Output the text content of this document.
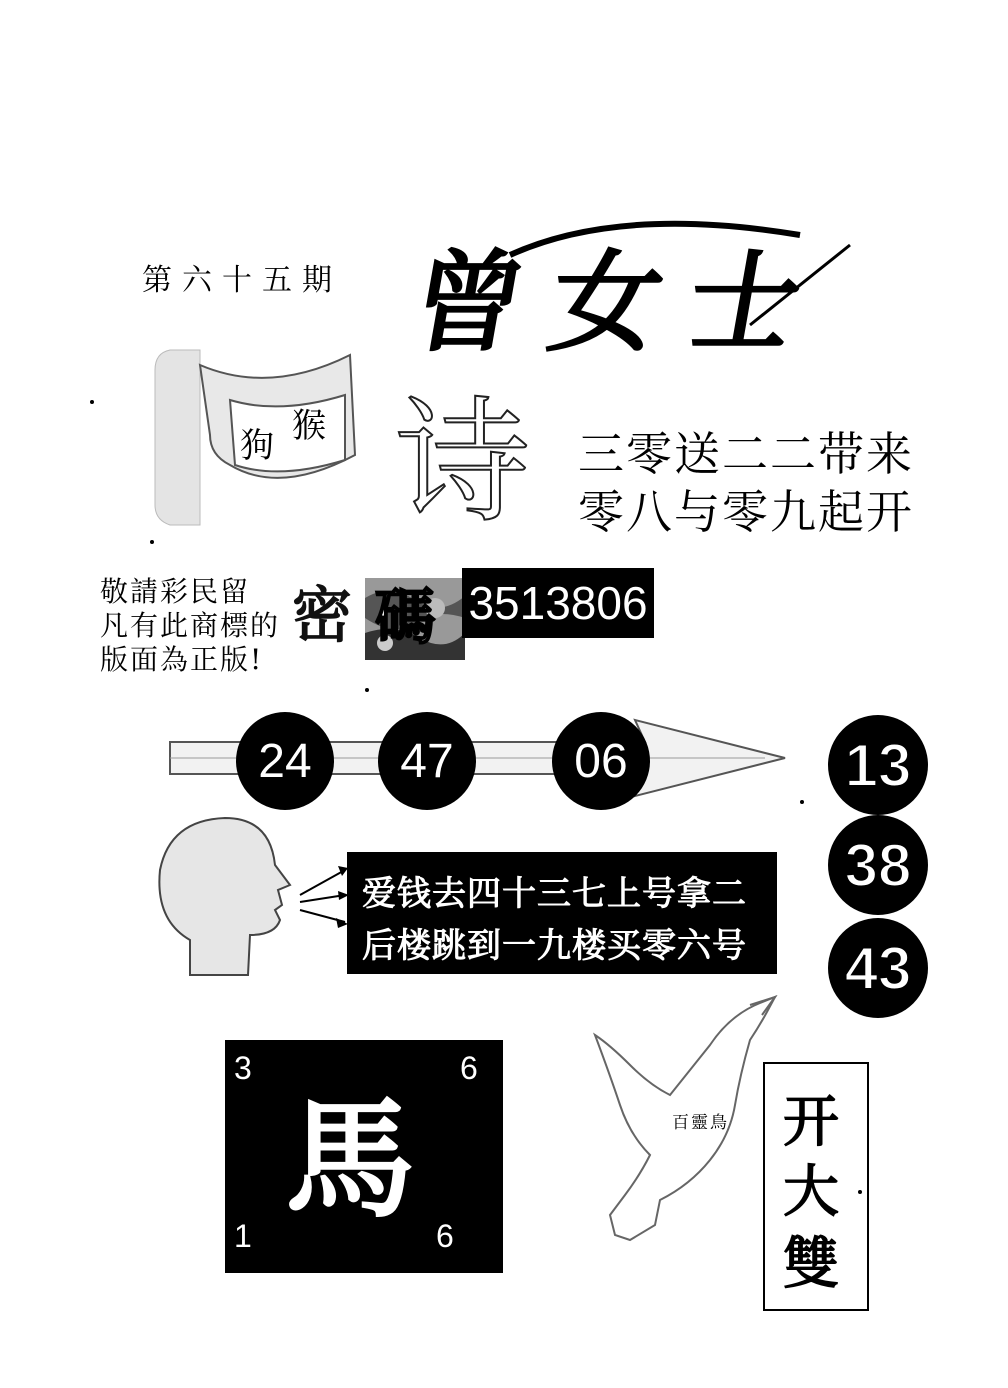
第六十五期 曾女士
狗 猴 诗 三零送二二带来
零八与零九起开
敬請彩民留
凡有此商標的
版面為正版!
密 碼 3513806
24	47	06	13
38
43
爱钱去四十三七上号拿二
后楼跳到一九楼买零六号
3	6
1	6
馬	百靈鳥 开
大
雙
